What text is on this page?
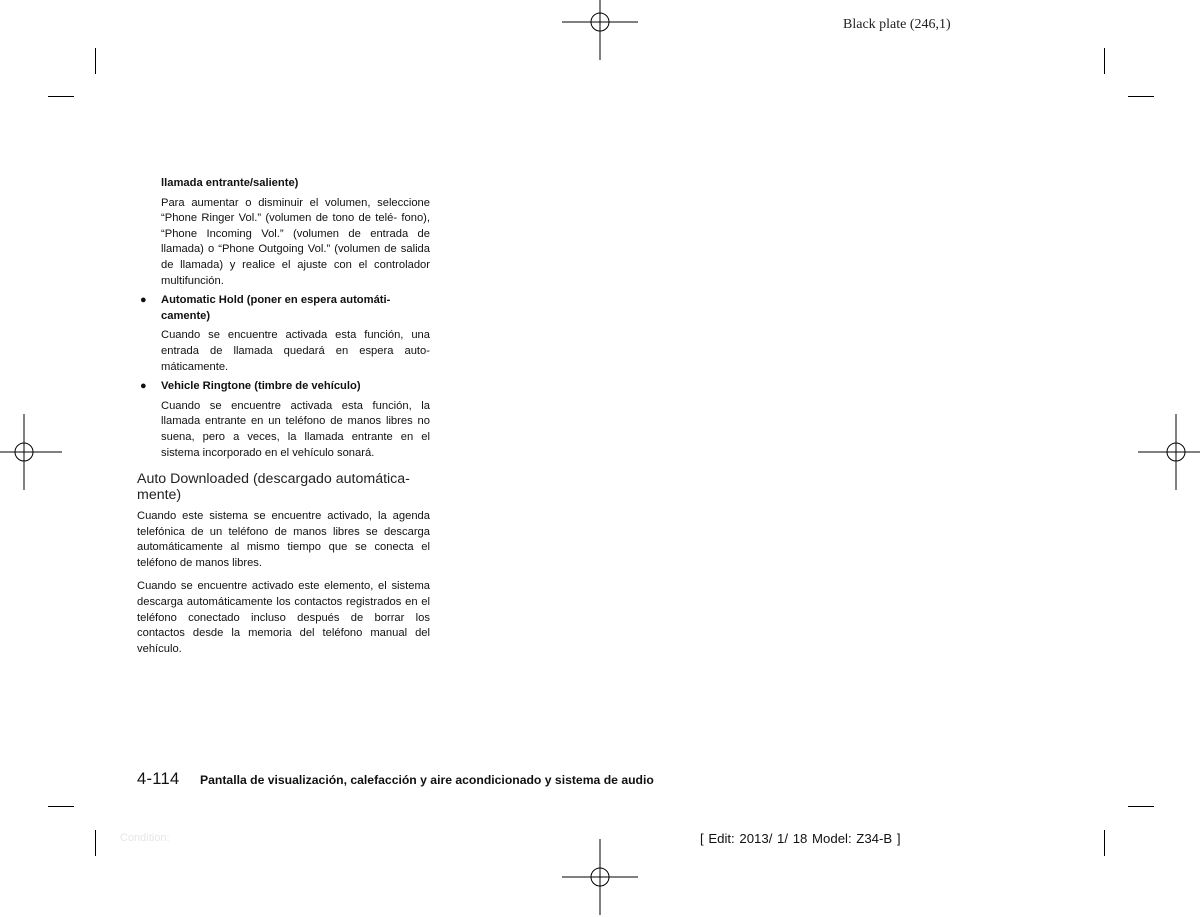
Black plate (246,1)

llamada entrante/saliente)

Para aumentar o disminuir el volumen, seleccione “Phone Ringer Vol.” (volumen de tono de telé- fono), “Phone Incoming Vol.” (volumen de entrada de llamada) o “Phone Outgoing Vol.” (volumen de salida de llamada) y realice el ajuste con el controlador multifunción.

● Automatic Hold (poner en espera automáti- camente)

Cuando se encuentre activada esta función, una entrada de llamada quedará en espera auto- máticamente.

● Vehicle Ringtone (timbre de vehículo)

Cuando se encuentre activada esta función, la llamada entrante en un teléfono de manos libres no suena, pero a veces, la llamada entrante en el sistema incorporado en el vehículo sonará.

Auto Downloaded (descargado automática- mente)

Cuando este sistema se encuentre activado, la agenda telefónica de un teléfono de manos libres se descarga automáticamente al mismo tiempo que se conecta el teléfono de manos libres.

Cuando se encuentre activado este elemento, el sistema descarga automáticamente los contactos registrados en el teléfono conectado incluso después de borrar los contactos desde la memoria del teléfono manual del vehículo.

4-114 Pantalla de visualización, calefacción y aire acondicionado y sistema de audio
Condition:	[ Edit: 2013/ 1/ 18 Model: Z34-B ]
